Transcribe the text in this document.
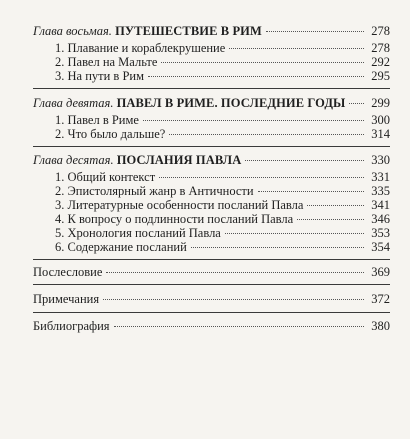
Глава восьмая. ПУТЕШЕСТВИЕ В РИМ	278
1. Плавание и кораблекрушение	278
2. Павел на Мальте	292
3. На пути в Рим	295
Глава девятая. ПАВЕЛ В РИМЕ. ПОСЛЕДНИЕ ГОДЫ 299
1. Павел в Риме	300
2. Что было дальше?	314
Глава десятая. ПОСЛАНИЯ ПАВЛА	330
1. Общий контекст	331
2. Эпистолярный жанр в Античности	335
3. Литературные особенности посланий Павла	341
4. К вопросу о подлинности посланий Павла	346
5. Хронология посланий Павла	353
6. Содержание посланий	354
Послесловие	369
Примечания	372
Библиография	380
